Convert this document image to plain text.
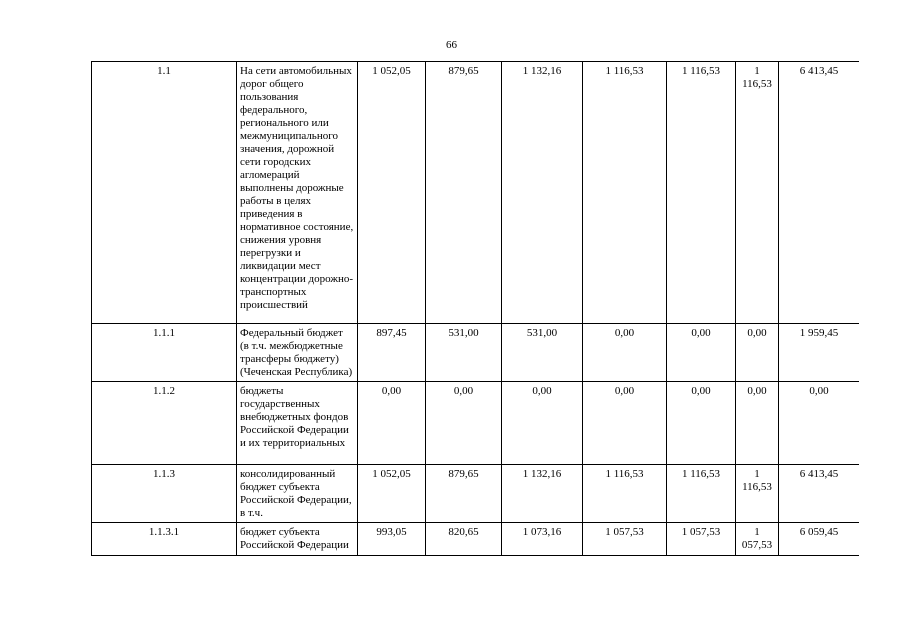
66
1.1	На сети автомобильных дорог общего пользования федерального, регионального или межмуниципального значения, дорожной сети городских агломераций выполнены дорожные работы в целях приведения в нормативное состояние, снижения уровня перегрузки и ликвидации мест концентрации дорожно-транспортных происшествий	1 052,05	879,65	1 132,16	1 116,53	1 116,53	1 116,53	6 413,45
1.1.1	Федеральный бюджет (в т.ч. межбюджетные трансферы бюджету) (Чеченская Республика)	897,45	531,00	531,00	0,00	0,00	0,00	1 959,45
1.1.2	бюджеты государственных внебюджетных фондов Российской Федерации и их территориальных	0,00	0,00	0,00	0,00	0,00	0,00	0,00
1.1.3	консолидированный бюджет субъекта Российской Федерации, в т.ч.	1 052,05	879,65	1 132,16	1 116,53	1 116,53	1 116,53	6 413,45
1.1.3.1	бюджет субъекта Российской Федерации	993,05	820,65	1 073,16	1 057,53	1 057,53	1 057,53	6 059,45
